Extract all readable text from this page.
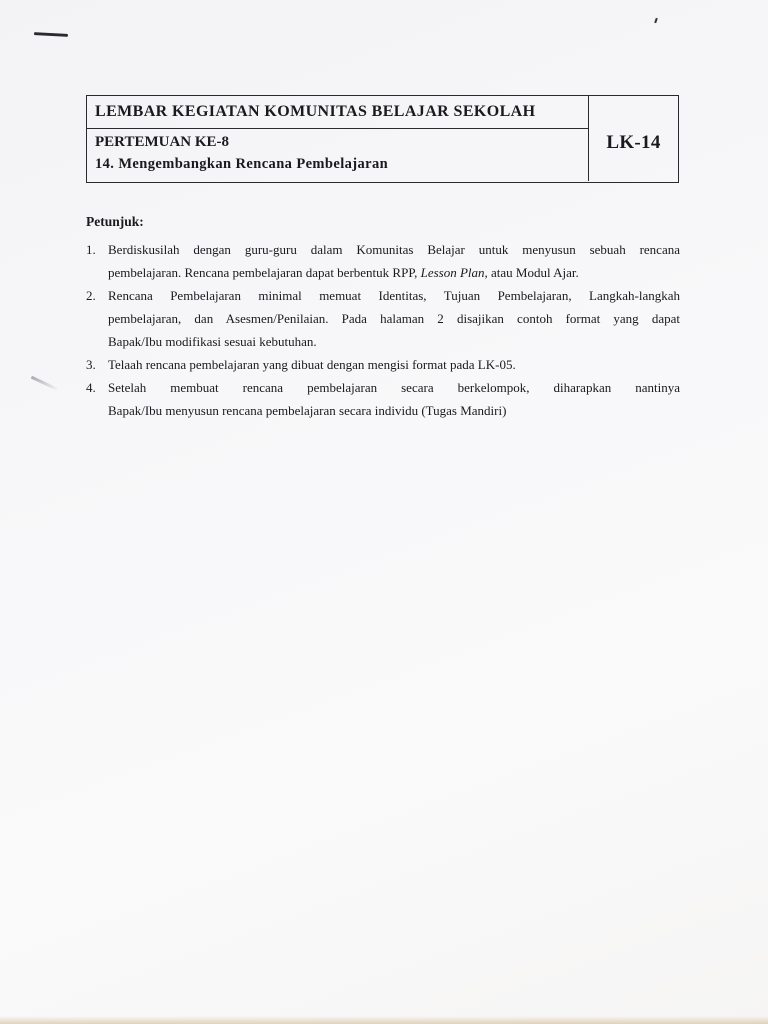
LEMBAR KEGIATAN KOMUNITAS BELAJAR SEKOLAH
PERTEMUAN KE-8
14. Mengembangkan Rencana Pembelajaran
LK-14
Petunjuk:
1. Berdiskusilah dengan guru-guru dalam Komunitas Belajar untuk menyusun sebuah rencana
pembelajaran. Rencana pembelajaran dapat berbentuk RPP, Lesson Plan, atau Modul Ajar.
2. Rencana Pembelajaran minimal memuat Identitas, Tujuan Pembelajaran, Langkah-langkah
pembelajaran, dan Asesmen/Penilaian. Pada halaman 2 disajikan contoh format yang dapat
Bapak/Ibu modifikasi sesuai kebutuhan.
3. Telaah rencana pembelajaran yang dibuat dengan mengisi format pada LK-05.
4. Setelah membuat rencana pembelajaran secara berkelompok, diharapkan nantinya
Bapak/Ibu menyusun rencana pembelajaran secara individu (Tugas Mandiri)
